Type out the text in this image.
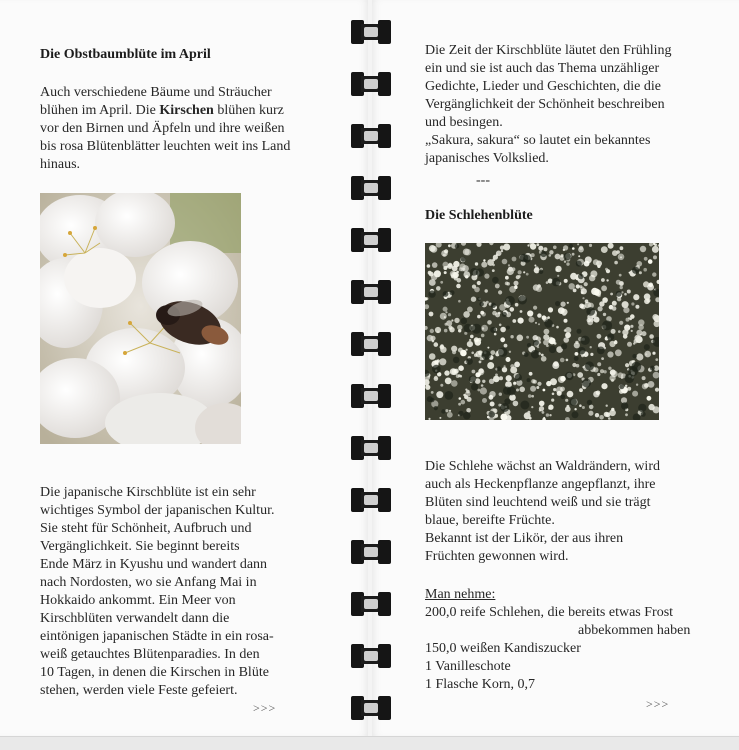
Die Obstbaumblüte im April
Auch verschiedene Bäume und Sträucher
blühen im April. Die Kirschen blühen kurz
vor den Birnen und Äpfeln und ihre weißen
bis rosa Blütenblätter leuchten weit ins Land
hinaus.
Die japanische Kirschblüte ist ein sehr
wichtiges Symbol der japanischen Kultur.
Sie steht für Schönheit, Aufbruch und
Vergänglichkeit. Sie beginnt bereits
Ende März in Kyushu und wandert dann
nach Nordosten, wo sie Anfang Mai in
Hokkaido ankommt. Ein Meer von
Kirschblüten verwandelt dann die
eintönigen japanischen Städte in ein rosa-
weiß getauchtes Blütenparadies. In den
10 Tagen, in denen die Kirschen in Blüte
stehen, werden viele Feste gefeiert.
>>>
Die Zeit der Kirschblüte läutet den Frühling
ein und sie ist auch das Thema unzähliger
Gedichte, Lieder und Geschichten, die die
Vergänglichkeit der Schönheit beschreiben
und besingen.
„Sakura, sakura“ so lautet ein bekanntes
japanisches Volkslied.
---
Die Schlehenblüte
Die Schlehe wächst an Waldrändern, wird
auch als Heckenpflanze angepflanzt, ihre
Blüten sind leuchtend weiß und sie trägt
blaue, bereifte Früchte.
Bekannt ist der Likör, der aus ihren
Früchten gewonnen wird.
Man nehme:
200,0 reife Schlehen, die bereits etwas Frost
abbekommen haben
150,0 weißen Kandiszucker
1 Vanilleschote
1 Flasche Korn, 0,7
>>>
